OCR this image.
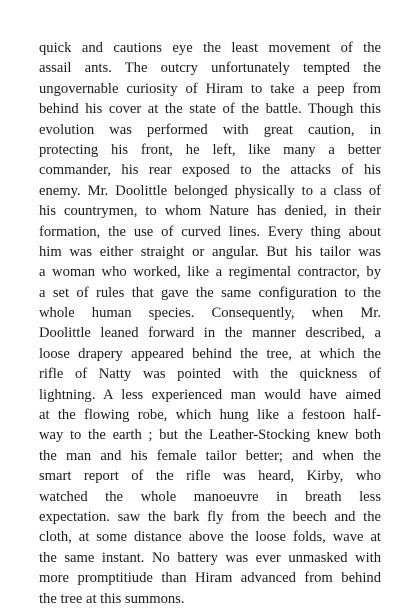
quick and cautions eye the least movement of the
assail ants. The outcry unfortunately tempted the
ungovernable curiosity of Hiram to take a peep from
behind his cover at the state of the battle. Though this
evolution was performed with great caution, in
protecting his front, he left, like many a better
commander, his rear exposed to the attacks of his
enemy. Mr. Doolittle belonged physically to a class of
his countrymen, to whom Nature has denied, in their
formation, the use of curved lines. Every thing about
him was either straight or angular. But his tailor was
a woman who worked, like a regimental contractor, by
a set of rules that gave the same configuration to the
whole human species. Consequently, when Mr.
Doolittle leaned forward in the manner described, a
loose drapery appeared behind the tree, at which the
rifle of Natty was pointed with the quickness of
lightning. A less experienced man would have aimed
at the flowing robe, which hung like a festoon half-
way to the earth ; but the Leather-Stocking knew both
the man and his female tailor better; and when the
smart report of the rifle was heard, Kirby, who
watched the whole manoeuvre in breath less
expectation. saw the bark fly from the beech and the
cloth, at some distance above the loose folds, wave at
the same instant. No battery was ever unmasked with
more promptitiude than Hiram advanced from behind
the tree at this summons.
